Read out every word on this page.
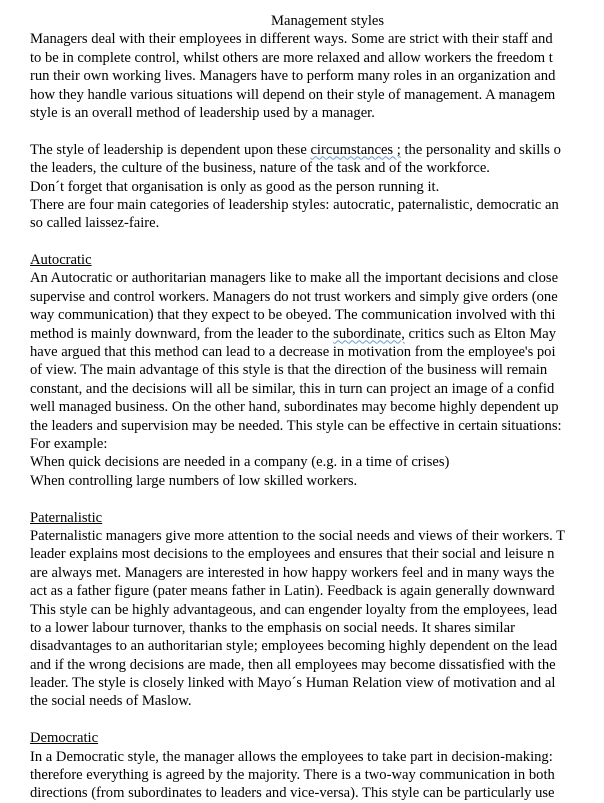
Management styles
Managers deal with their employees in different ways. Some are strict with their staff and
to be in complete control, whilst others are more relaxed and allow workers the freedom t
run their own working lives. Managers have to perform many roles in an organization and
how they handle various situations will depend on their style of management. A managem
style is an overall method of leadership used by a manager.
The style of leadership is dependent upon these circumstances ; the personality and skills o
the leaders, the culture of the business, nature of the task and of the workforce.
Don´t forget that organisation is only as good as the person running it.
There are four main categories of leadership styles: autocratic, paternalistic, democratic an
so called laissez-faire.
Autocratic
An Autocratic or authoritarian managers like to make all the important decisions and close
supervise and control workers. Managers do not trust workers and simply give orders (one
way communication) that they expect to be obeyed. The communication involved with thi
method is mainly downward, from the leader to the subordinate, critics such as Elton May
have argued that this method can lead to a decrease in motivation from the employee's poi
of view. The main advantage of this style is that the direction of the business will remain
constant, and the decisions will all be similar, this in turn can project an image of a confid
well managed business. On the other hand, subordinates may become highly dependent up
the leaders and supervision may be needed. This style can be effective in certain situations:
For example:
When quick decisions are needed in a company (e.g. in a time of crises)
When controlling large numbers of low skilled workers.
Paternalistic
Paternalistic managers give more attention to the social needs and views of their workers. T
leader explains most decisions to the employees and ensures that their social and leisure n
are always met. Managers are interested in how happy workers feel and in many ways the
act as a father figure (pater means father in Latin). Feedback is again generally downward
This style can be highly advantageous, and can engender loyalty from the employees, lead
to a lower labour turnover, thanks to the emphasis on social needs. It shares similar
disadvantages to an authoritarian style; employees becoming highly dependent on the lead
and if the wrong decisions are made, then all employees may become dissatisfied with the
leader. The style is closely linked with Mayo´s Human Relation view of motivation and al
the social needs of Maslow.
Democratic
In a Democratic style, the manager allows the employees to take part in decision-making:
therefore everything is agreed by the majority. There is a two-way communication in both
directions (from subordinates to leaders and vice-versa). This style can be particularly use
